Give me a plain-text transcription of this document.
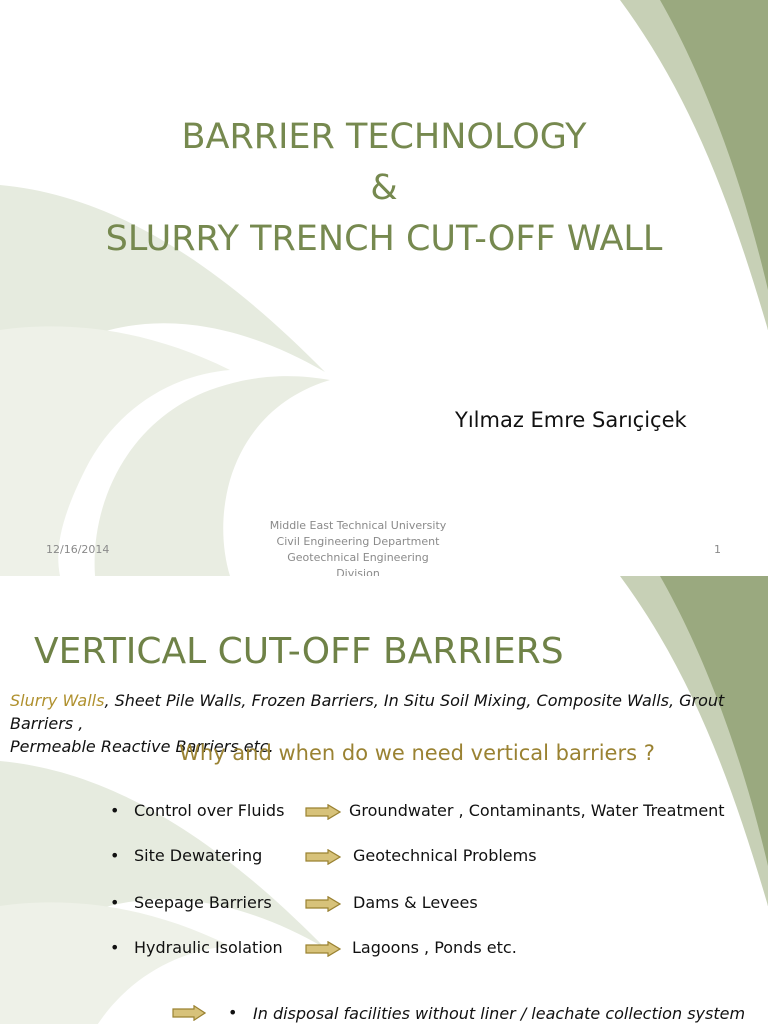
BARRIER TECHNOLOGY
&
SLURRY TRENCH CUT-OFF WALL
Yılmaz Emre Sarıçiçek
12/16/2014
Middle East Technical University
Civil Engineering Department
Geotechnical Engineering
Division
1
VERTICAL CUT-OFF BARRIERS
Slurry Walls, Sheet Pile Walls, Frozen Barriers, In Situ Soil Mixing, Composite Walls, Grout Barriers ,
Permeable Reactive Barriers etc.
Why and when do we need vertical barriers ?
• Control over Fluids	Groundwater , Contaminants, Water Treatment
• Site Dewatering	Geotechnical Problems
• Seepage Barriers	Dams & Levees
• Hydraulic Isolation	Lagoons , Ponds etc.
• In disposal facilities without liner / leachate collection system
